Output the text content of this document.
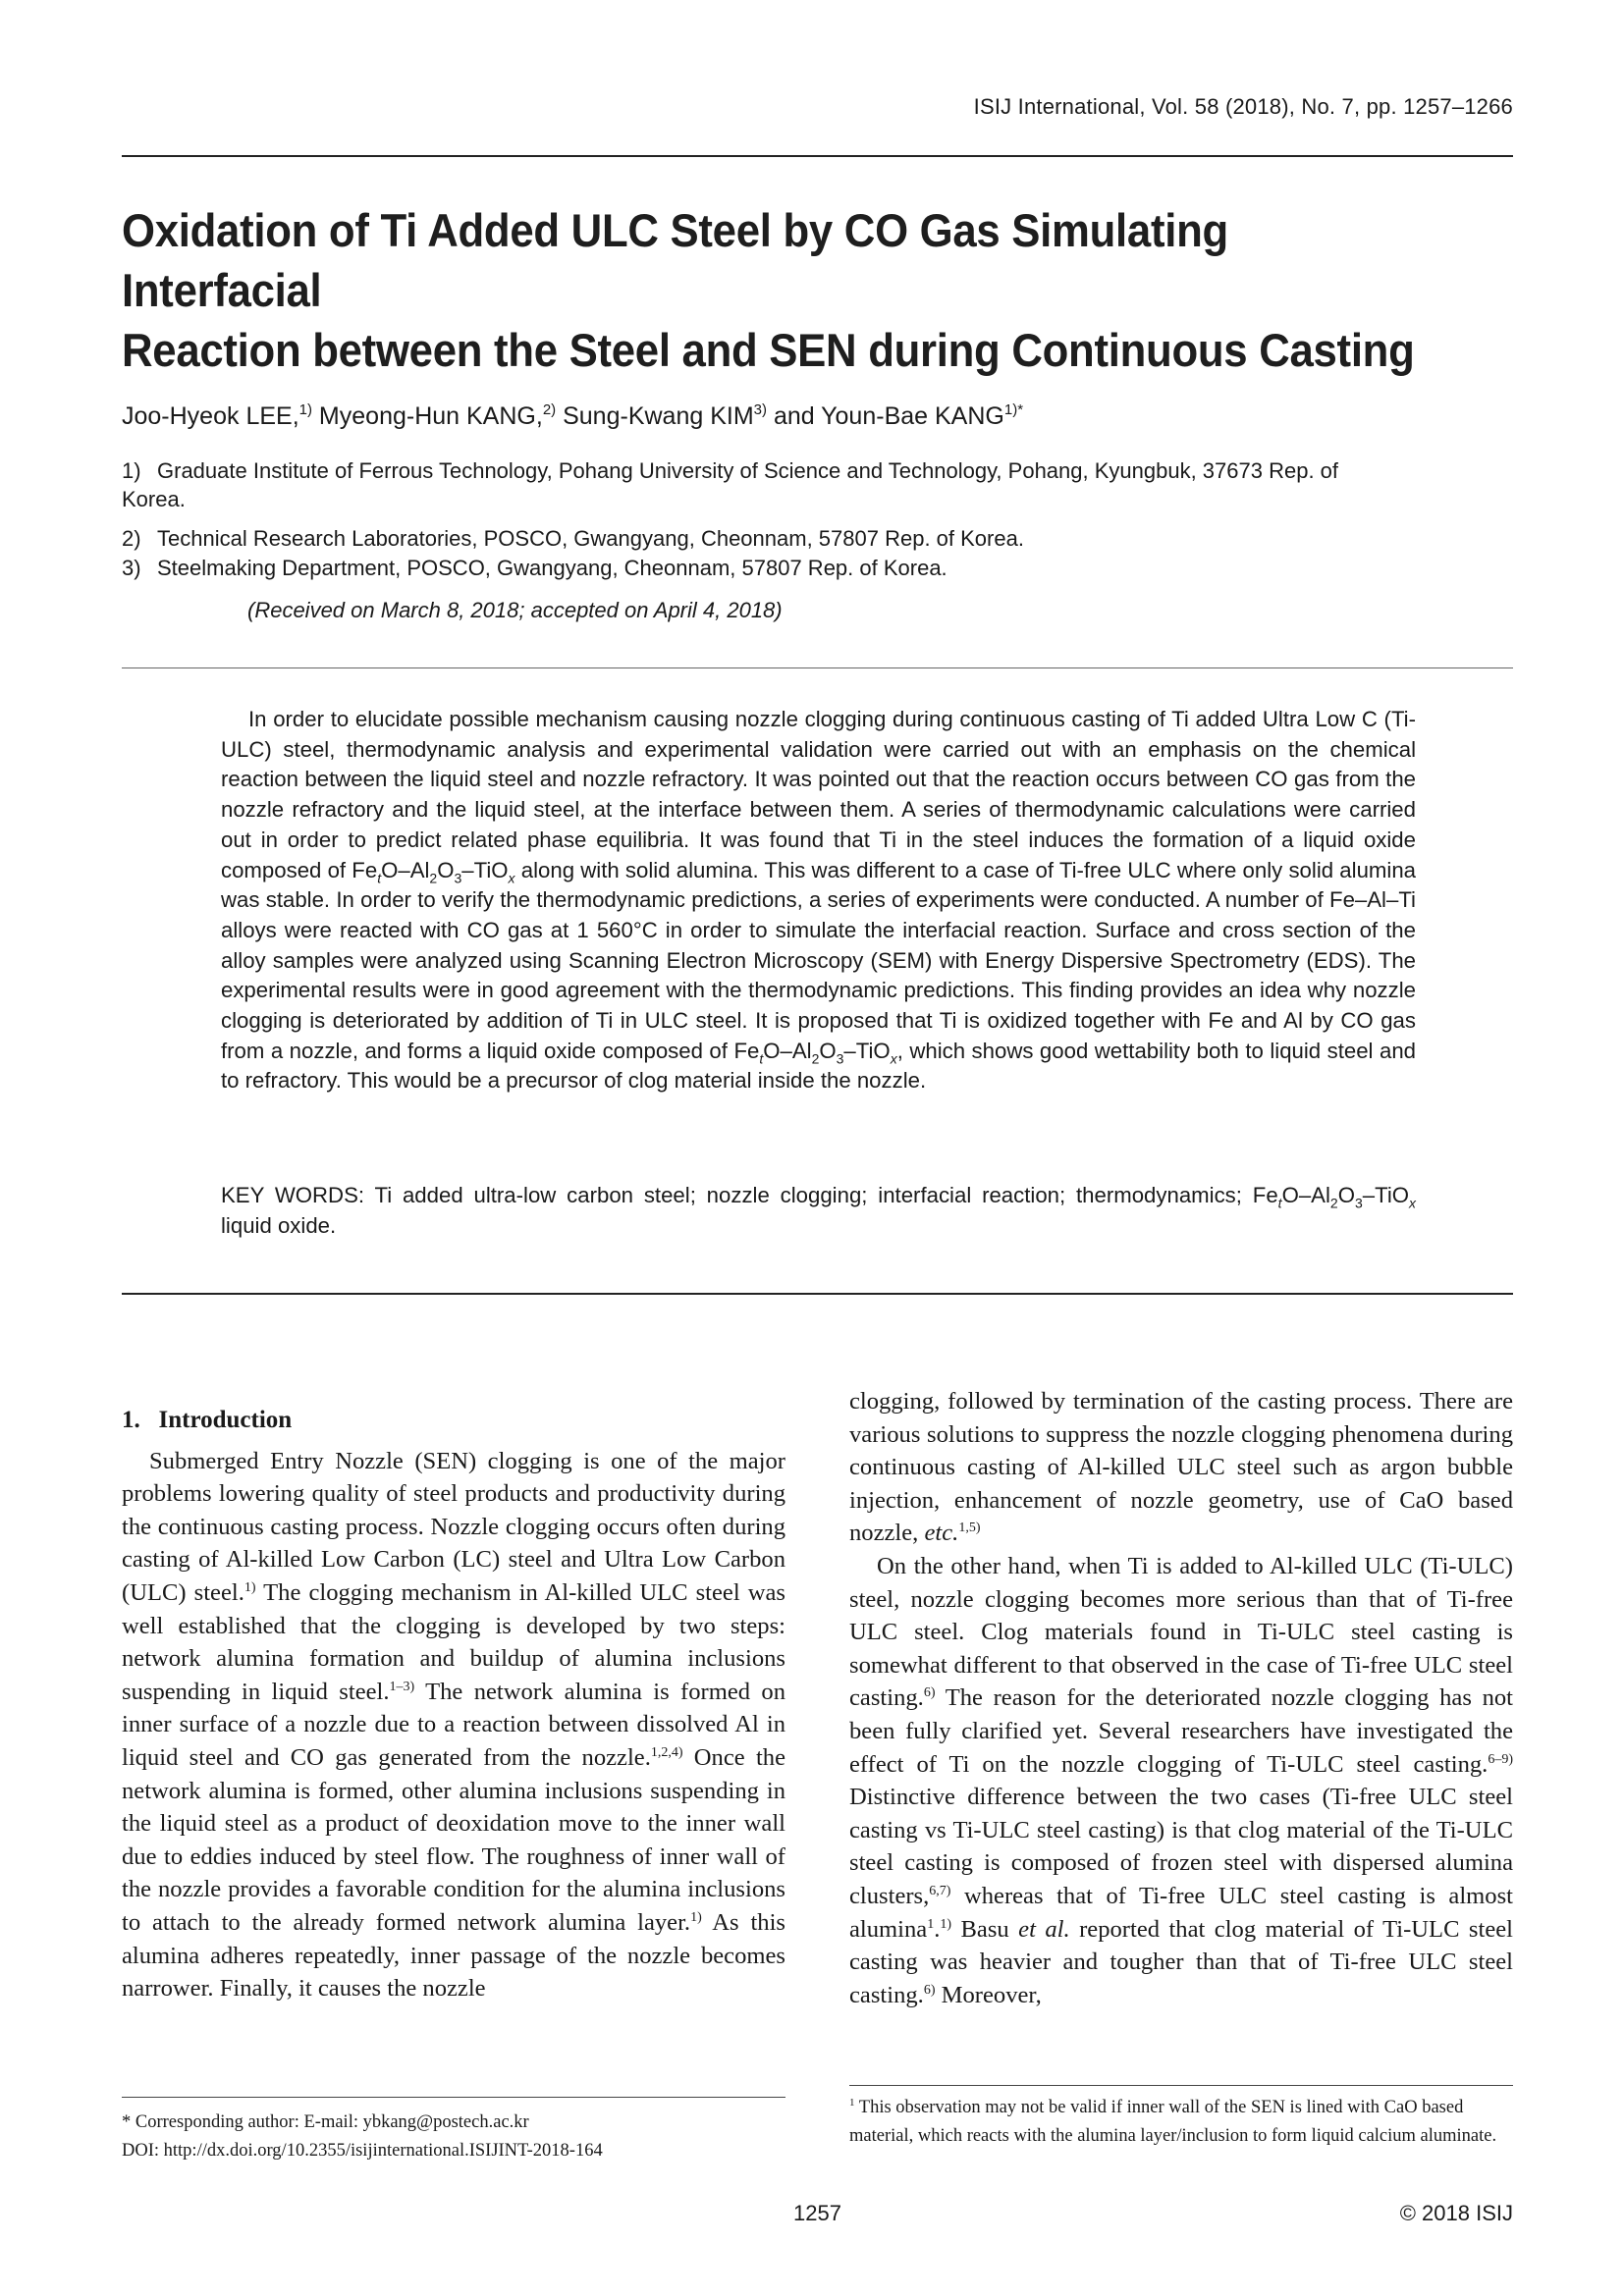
ISIJ International, Vol. 58 (2018), No. 7, pp. 1257–1266
Oxidation of Ti Added ULC Steel by CO Gas Simulating Interfacial
Reaction between the Steel and SEN during Continuous Casting
Joo-Hyeok LEE,$^{1)}$ Myeong-Hun KANG,$^{2)}$ Sung-Kwang KIM$^{3)}$ and Youn-Bae $KANG^{1)*}$
1) Graduate Institute of Ferrous Technology, Pohang University of Science and Technology, Pohang, Kyungbuk, 37673 Rep. of
Korea.
2) Technical Research Laboratories, POSCO, Gwangyang, Cheonnam, 57807 Rep. of Korea.
3) Steelmaking Department, POSCO, Gwangyang, Cheonnam, 57807 Rep. of Korea.
(Received on March 8, 2018; accepted on April 4, 2018)

In order to elucidate possible mechanism causing nozzle clogging during continuous casting of Ti added Ultra Low C (Ti-ULC) steel, thermodynamic analysis and experimental validation were carried out with an emphasis on the chemical reaction between the liquid steel and nozzle refractory. It was pointed out that the reaction occurs between CO gas from the nozzle refractory and the liquid steel, at the interface between them. A series of thermodynamic calculations were carried out in order to predict related phase equilibria. It was found that Ti in the steel induces the formation of a liquid oxide composed of $Fe_tO-Al_2O_3-TiO_x$ along with solid alumina. This was different to a case of Ti-free ULC where only solid alumina was stable. In order to verify the thermodynamic predictions, a series of experiments were conducted. A number of Fe–Al–Ti alloys were reacted with CO gas at 1 560°C in order to simulate the interfacial reaction. Surface and cross section of the alloy samples were analyzed using Scanning Electron Microscopy (SEM) with Energy Dispersive Spectrometry (EDS). The experimental results were in good agreement with the thermodynamic predictions. This finding provides an idea why nozzle clogging is deteriorated by addition of Ti in ULC steel. It is proposed that Ti is oxidized together with Fe and Al by CO gas from a nozzle, and forms a liquid oxide composed of $Fe_tO-Al_2O_3-TiO_x$, which shows good wettability both to liquid steel and to refractory. This would be a precursor of clog material inside the nozzle.

KEY WORDS: Ti added ultra-low carbon steel; nozzle clogging; interfacial reaction; thermodynamics; $Fe_tO-Al_2O_3-TiO_x$ liquid oxide.

1. Introduction

Submerged Entry Nozzle (SEN) clogging is one of the major problems lowering quality of steel products and productivity during the continuous casting process. Nozzle clogging occurs often during casting of Al-killed Low Carbon (LC) steel and Ultra Low Carbon (ULC) steel.$^{1)}$ The clogging mechanism in Al-killed ULC steel was well established that the clogging is developed by two steps: network alumina formation and buildup of alumina inclusions suspending in liquid steel.$^{1-3)}$ The network alumina is formed on inner surface of a nozzle due to a reaction between dissolved Al in liquid steel and CO gas generated from the nozzle.$^{1,2,4)}$ Once the network alumina is formed, other alumina inclusions suspending in the liquid steel as a product of deoxidation move to the inner wall due to eddies induced by steel flow. The roughness of inner wall of the nozzle provides a favorable condition for the alumina inclusions to attach to the already formed network alumina layer.$^{1)}$ As this alumina adheres repeatedly, inner passage of the nozzle becomes narrower. Finally, it causes the nozzle

clogging, followed by termination of the casting process. There are various solutions to suppress the nozzle clogging phenomena during continuous casting of Al-killed ULC steel such as argon bubble injection, enhancement of nozzle geometry, use of CaO based nozzle, etc.$^{1,5)}$

On the other hand, when Ti is added to Al-killed ULC (Ti-ULC) steel, nozzle clogging becomes more serious than that of Ti-free ULC steel. Clog materials found in Ti-ULC steel casting is somewhat different to that observed in the case of Ti-free ULC steel casting.$^{6)}$ The reason for the deteriorated nozzle clogging has not been fully clarified yet. Several researchers have investigated the effect of Ti on the nozzle clogging of Ti-ULC steel casting.$^{6-9)}$ Distinctive difference between the two cases (Ti-free ULC steel casting vs Ti-ULC steel casting) is that clog material of the Ti-ULC steel casting is composed of frozen steel with dispersed alumina clusters,$^{6,7)}$ whereas that of Ti-free ULC steel casting is almost alumina$^1$.$^{1)}$ Basu et al. reported that clog material of Ti-ULC steel casting was heavier and tougher than that of Ti-free ULC steel casting.$^{6)}$ Moreover,

* Corresponding author: E-mail: ybkang@postech.ac.kr
DOI: http://dx.doi.org/10.2355/isijinternational.ISIJINT-2018-164
$^1$ This observation may not be valid if inner wall of the SEN is lined with CaO based material, which reacts with the alumina layer/inclusion to form liquid calcium aluminate.
1257	© 2018 ISIJ
